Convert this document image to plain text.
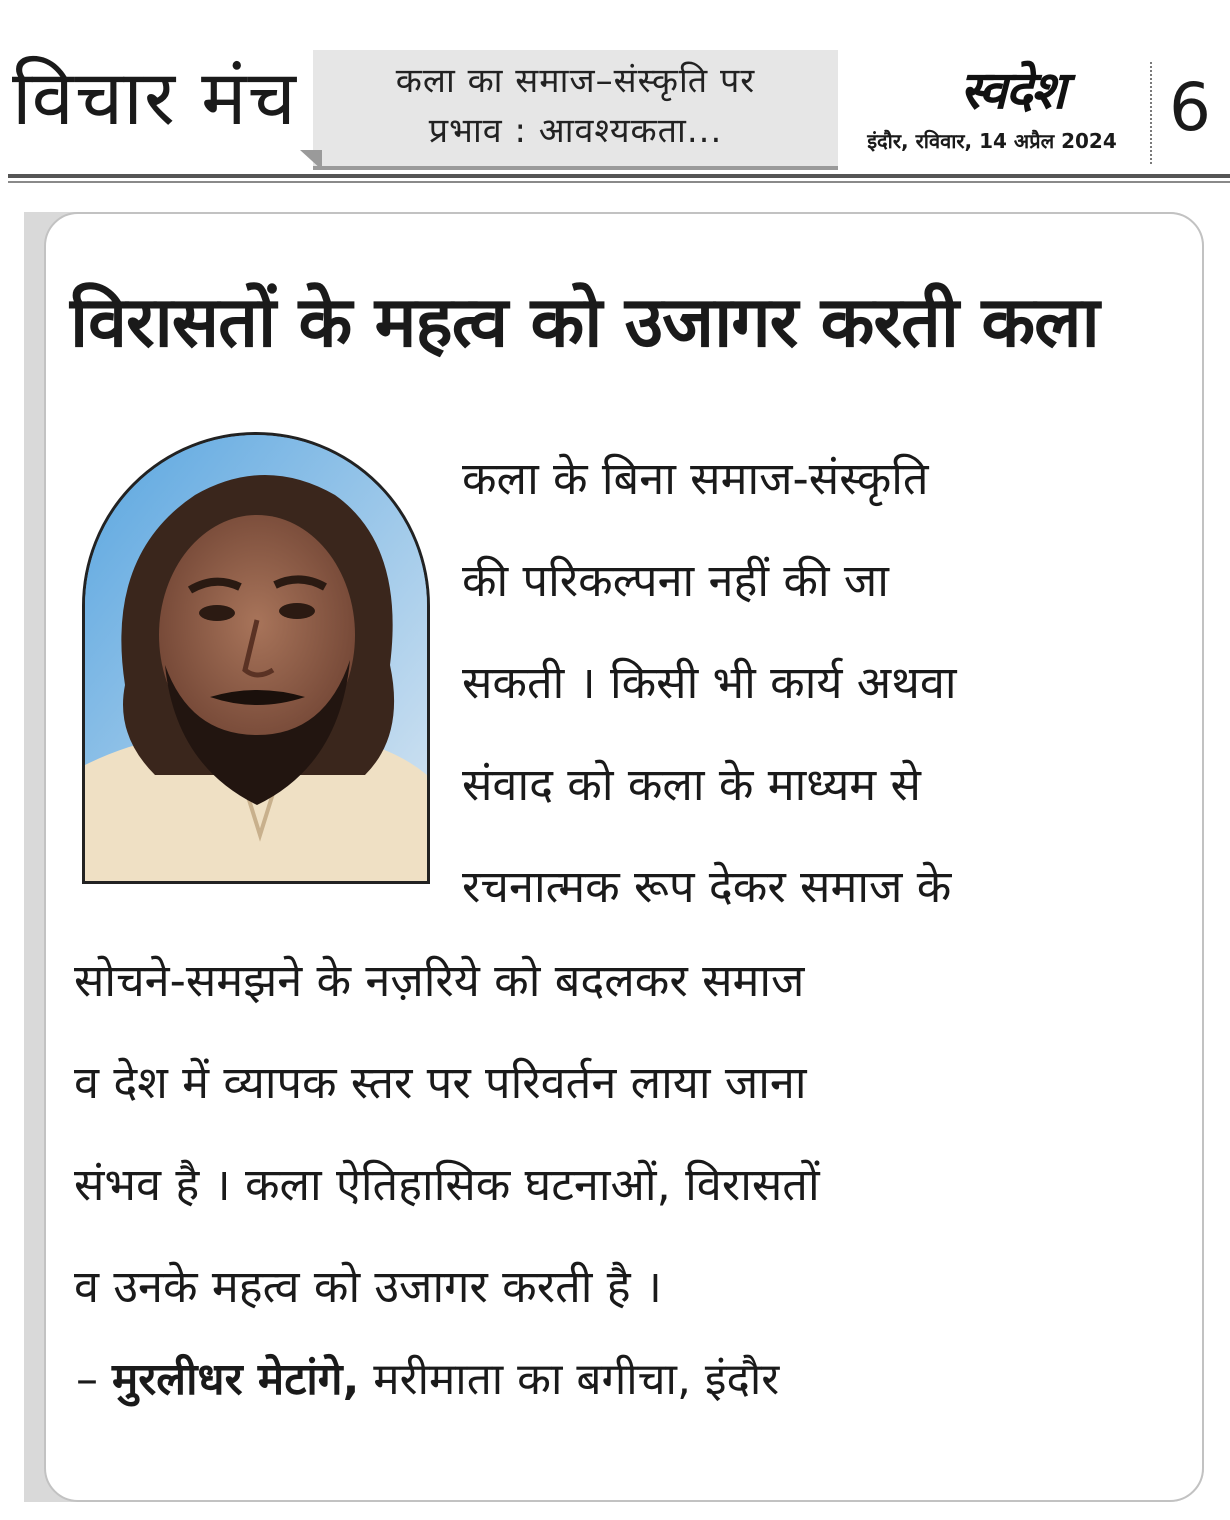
विचार मंच	कला का समाज–संस्कृति पर
प्रभाव : आवश्यकता...
स्वदेश
इंदौर, रविवार, 14 अप्रैल 2024 6
विरासतों के महत्व को उजागर करती कला
कला के बिना समाज-संस्कृति
की परिकल्पना नहीं की जा
सकती । किसी भी कार्य अथवा
संवाद को कला के माध्यम से
रचनात्मक रूप देकर समाज के
सोचने-समझने के नज़रिये को बदलकर समाज
व देश में व्यापक स्तर पर परिवर्तन लाया जाना
संभव है । कला ऐतिहासिक घटनाओं, विरासतों
व उनके महत्व को उजागर करती है ।
– मुरलीधर मेटांगे, मरीमाता का बगीचा, इंदौर
